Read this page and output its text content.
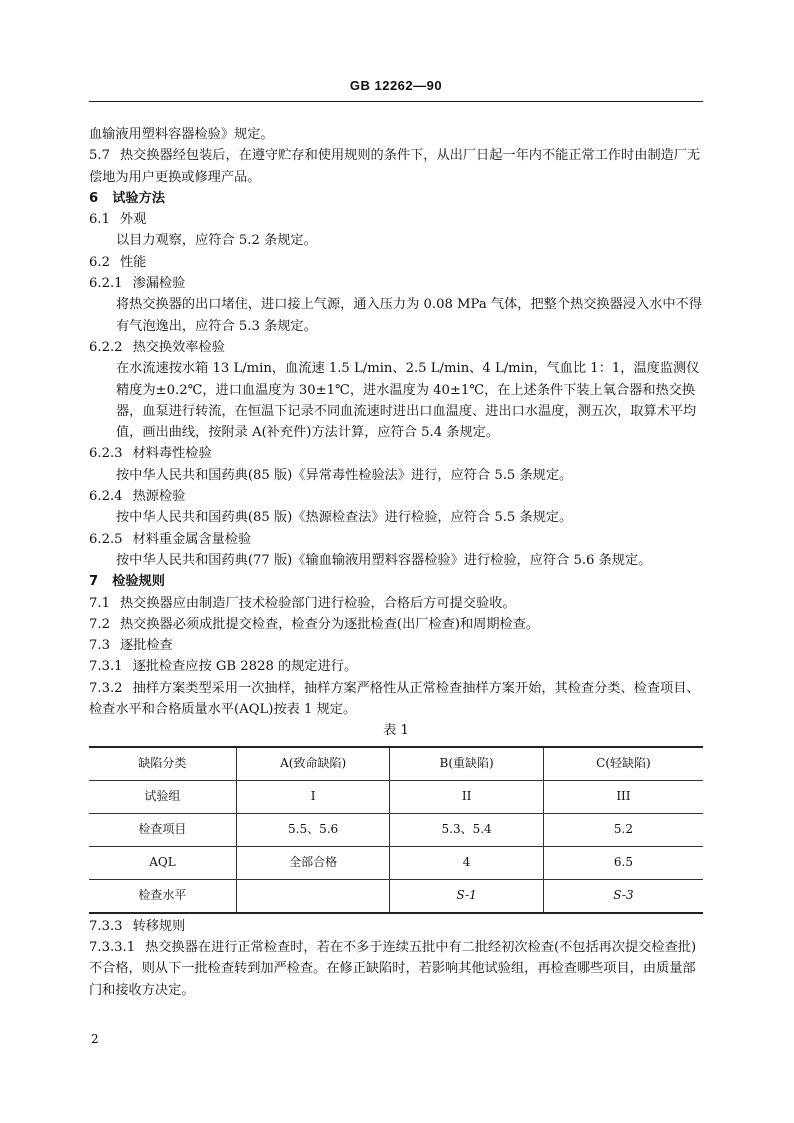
GB 12262—90

血输液用塑料容器检验》规定。

5.7 热交换器经包装后，在遵守贮存和使用规则的条件下，从出厂日起一年内不能正常工作时由制造厂无偿地为用户更换或修理产品。

6 试验方法

6.1 外观

以目力观察，应符合 5.2 条规定。

6.2 性能

6.2.1 渗漏检验

将热交换器的出口堵住，进口接上气源，通入压力为 0.08 MPa 气体，把整个热交换器浸入水中不得有气泡逸出，应符合 5.3 条规定。

6.2.2 热交换效率检验

在水流速按水箱 13 L/min，血流速 1.5 L/min、2.5 L/min、4 L/min，气血比 1：1，温度监测仪精度为±0.2℃，进口血温度为 30±1℃，进水温度为 40±1℃，在上述条件下装上氧合器和热交换器，血泵进行转流，在恒温下记录不同血流速时进出口血温度、进出口水温度，测五次，取算术平均值，画出曲线，按附录 A(补充件)方法计算，应符合 5.4 条规定。

6.2.3 材料毒性检验

按中华人民共和国药典(85 版)《异常毒性检验法》进行，应符合 5.5 条规定。

6.2.4 热源检验

按中华人民共和国药典(85 版)《热源检查法》进行检验，应符合 5.5 条规定。

6.2.5 材料重金属含量检验

按中华人民共和国药典(77 版)《输血输液用塑料容器检验》进行检验，应符合 5.6 条规定。

7 检验规则

7.1 热交换器应由制造厂技术检验部门进行检验，合格后方可提交验收。

7.2 热交换器必须成批提交检查，检查分为逐批检查(出厂检查)和周期检查。

7.3 逐批检查

7.3.1 逐批检查应按 GB 2828 的规定进行。

7.3.2 抽样方案类型采用一次抽样，抽样方案严格性从正常检查抽样方案开始，其检查分类、检查项目、检查水平和合格质量水平(AQL)按表 1 规定。

表 1

缺陷分类	A(致命缺陷)	B(重缺陷)	C(轻缺陷)
试验组	I	II	III
检查项目	5.5、5.6	5.3、5.4	5.2
AQL	全部合格	4	6.5
检查水平		S-1	S-3

7.3.3 转移规则

7.3.3.1 热交换器在进行正常检查时，若在不多于连续五批中有二批经初次检查(不包括再次提交检查批)不合格，则从下一批检查转到加严检查。在修正缺陷时，若影响其他试验组，再检查哪些项目，由质量部门和接收方决定。

2
